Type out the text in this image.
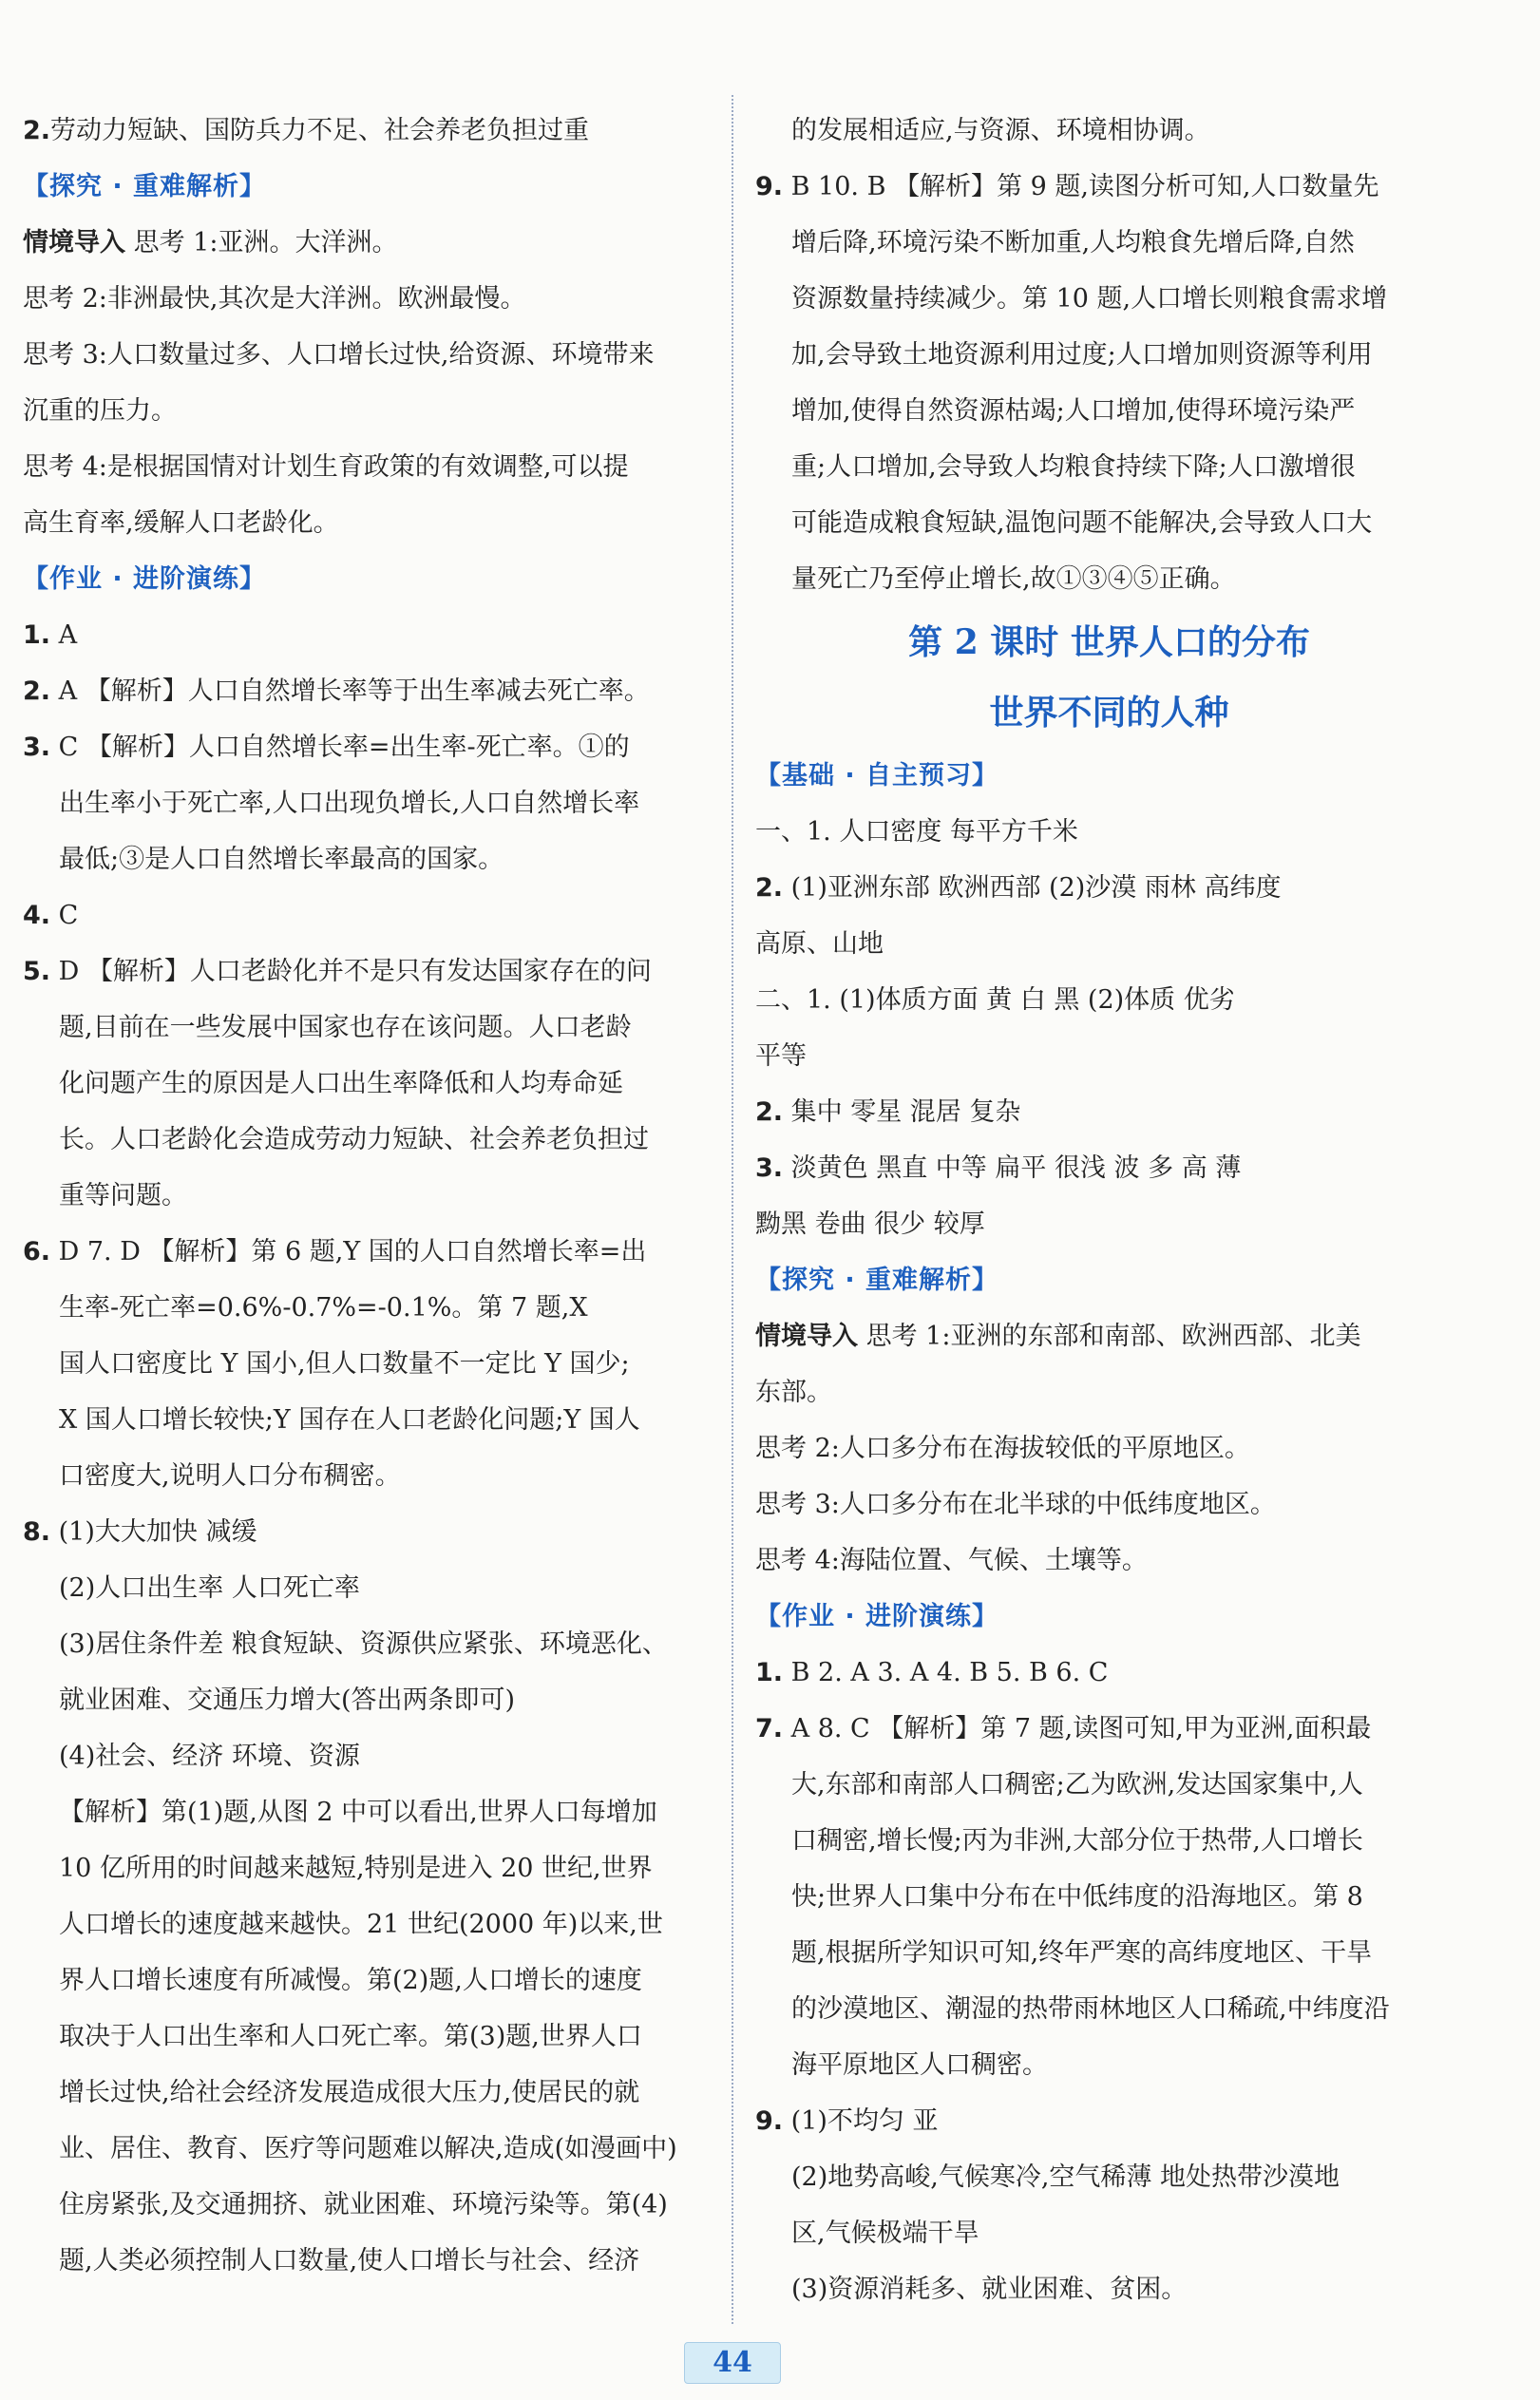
2.劳动力短缺、国防兵力不足、社会养老负担过重
【探究 · 重难解析】
情境导入 思考 1:亚洲。大洋洲。
思考 2:非洲最快,其次是大洋洲。欧洲最慢。
思考 3:人口数量过多、人口增长过快,给资源、环境带来
沉重的压力。
思考 4:是根据国情对计划生育政策的有效调整,可以提
高生育率,缓解人口老龄化。
【作业 · 进阶演练】
1. A
2. A 【解析】人口自然增长率等于出生率减去死亡率。
3. C 【解析】人口自然增长率=出生率-死亡率。①的
出生率小于死亡率,人口出现负增长,人口自然增长率
最低;③是人口自然增长率最高的国家。
4. C
5. D 【解析】人口老龄化并不是只有发达国家存在的问
题,目前在一些发展中国家也存在该问题。人口老龄
化问题产生的原因是人口出生率降低和人均寿命延
长。人口老龄化会造成劳动力短缺、社会养老负担过
重等问题。
6. D 7. D 【解析】第 6 题,Y 国的人口自然增长率=出
生率-死亡率=0.6%-0.7%=-0.1%。第 7 题,X
国人口密度比 Y 国小,但人口数量不一定比 Y 国少;
X 国人口增长较快;Y 国存在人口老龄化问题;Y 国人
口密度大,说明人口分布稠密。
8. (1)大大加快 减缓
(2)人口出生率 人口死亡率
(3)居住条件差 粮食短缺、资源供应紧张、环境恶化、
就业困难、交通压力增大(答出两条即可)
(4)社会、经济 环境、资源
【解析】第(1)题,从图 2 中可以看出,世界人口每增加
10 亿所用的时间越来越短,特别是进入 20 世纪,世界
人口增长的速度越来越快。21 世纪(2000 年)以来,世
界人口增长速度有所减慢。第(2)题,人口增长的速度
取决于人口出生率和人口死亡率。第(3)题,世界人口
增长过快,给社会经济发展造成很大压力,使居民的就
业、居住、教育、医疗等问题难以解决,造成(如漫画中)
住房紧张,及交通拥挤、就业困难、环境污染等。第(4)
题,人类必须控制人口数量,使人口增长与社会、经济
的发展相适应,与资源、环境相协调。
9. B 10. B 【解析】第 9 题,读图分析可知,人口数量先
增后降,环境污染不断加重,人均粮食先增后降,自然
资源数量持续减少。第 10 题,人口增长则粮食需求增
加,会导致土地资源利用过度;人口增加则资源等利用
增加,使得自然资源枯竭;人口增加,使得环境污染严
重;人口增加,会导致人均粮食持续下降;人口激增很
可能造成粮食短缺,温饱问题不能解决,会导致人口大
量死亡乃至停止增长,故①③④⑤正确。
第 2 课时 世界人口的分布
世界不同的人种
【基础 · 自主预习】
一、1. 人口密度 每平方千米
2. (1)亚洲东部 欧洲西部 (2)沙漠 雨林 高纬度
高原、山地
二、1. (1)体质方面 黄 白 黑 (2)体质 优劣
平等
2. 集中 零星 混居 复杂
3. 淡黄色 黑直 中等 扁平 很浅 波 多 高 薄
黝黑 卷曲 很少 较厚
【探究 · 重难解析】
情境导入 思考 1:亚洲的东部和南部、欧洲西部、北美
东部。
思考 2:人口多分布在海拔较低的平原地区。
思考 3:人口多分布在北半球的中低纬度地区。
思考 4:海陆位置、气候、土壤等。
【作业 · 进阶演练】
1. B 2. A 3. A 4. B 5. B 6. C
7. A 8. C 【解析】第 7 题,读图可知,甲为亚洲,面积最
大,东部和南部人口稠密;乙为欧洲,发达国家集中,人
口稠密,增长慢;丙为非洲,大部分位于热带,人口增长
快;世界人口集中分布在中低纬度的沿海地区。第 8
题,根据所学知识可知,终年严寒的高纬度地区、干旱
的沙漠地区、潮湿的热带雨林地区人口稀疏,中纬度沿
海平原地区人口稠密。
9. (1)不均匀 亚
(2)地势高峻,气候寒冷,空气稀薄 地处热带沙漠地
区,气候极端干旱
(3)资源消耗多、就业困难、贫困。
44
